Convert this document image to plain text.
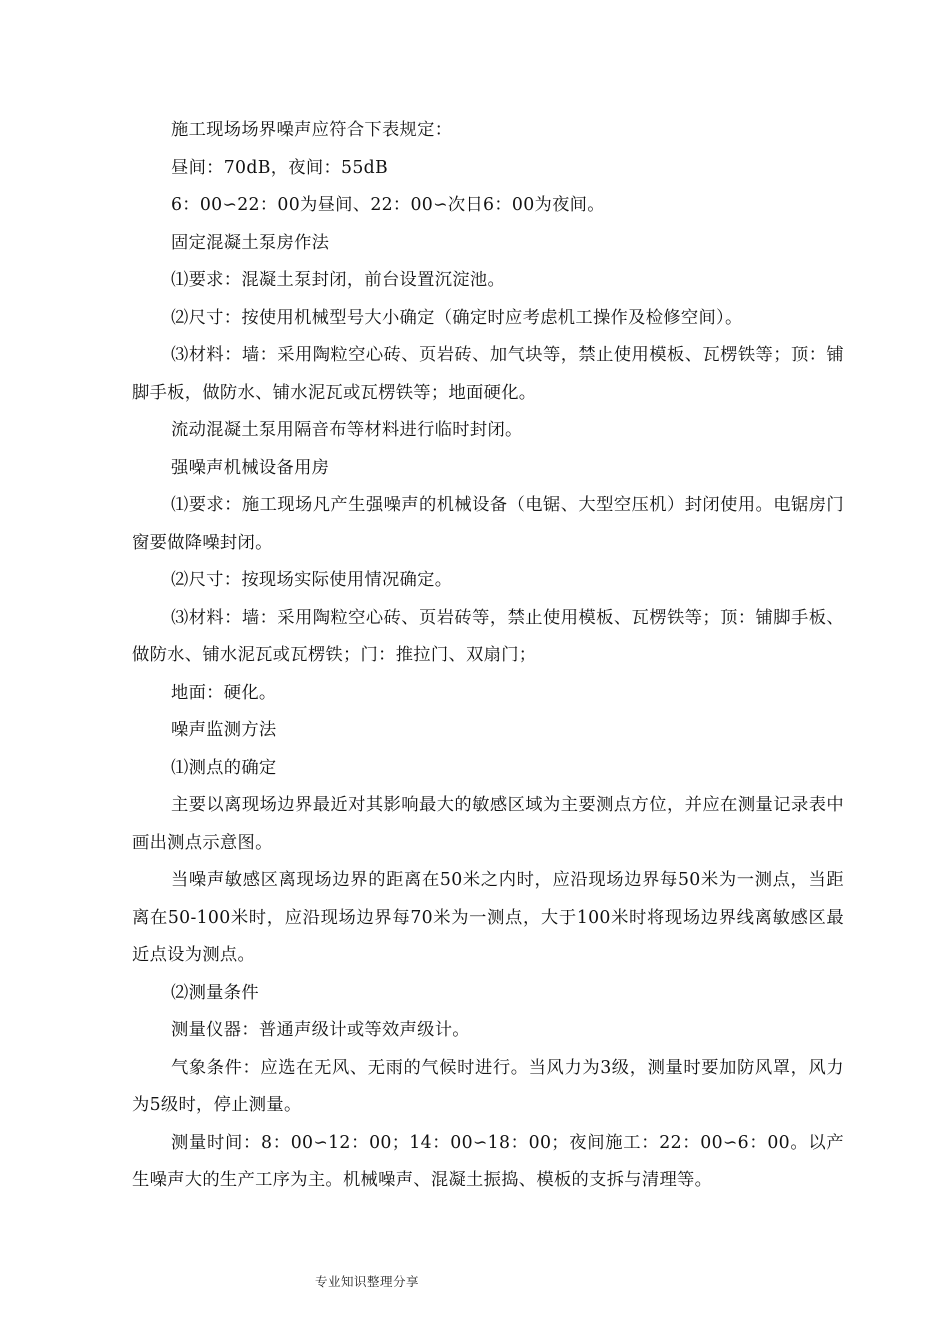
施工现场场界噪声应符合下表规定：

昼间：70dB，夜间：55dB

6：00∽22：00为昼间、22：00∽次日6：00为夜间。

固定混凝土泵房作法

⑴要求：混凝土泵封闭，前台设置沉淀池。

⑵尺寸：按使用机械型号大小确定（确定时应考虑机工操作及检修空间）。

⑶材料：墙：采用陶粒空心砖、页岩砖、加气块等，禁止使用模板、瓦楞铁等；顶：铺脚手板，做防水、铺水泥瓦或瓦楞铁等；地面硬化。

流动混凝土泵用隔音布等材料进行临时封闭。

强噪声机械设备用房

⑴要求：施工现场凡产生强噪声的机械设备（电锯、大型空压机）封闭使用。电锯房门窗要做降噪封闭。

⑵尺寸：按现场实际使用情况确定。

⑶材料：墙：采用陶粒空心砖、页岩砖等，禁止使用模板、瓦楞铁等；顶：铺脚手板、做防水、铺水泥瓦或瓦楞铁；门：推拉门、双扇门；

地面：硬化。

噪声监测方法

⑴测点的确定

主要以离现场边界最近对其影响最大的敏感区域为主要测点方位，并应在测量记录表中画出测点示意图。

当噪声敏感区离现场边界的距离在50米之内时，应沿现场边界每50米为一测点，当距离在50-100米时，应沿现场边界每70米为一测点，大于100米时将现场边界线离敏感区最近点设为测点。

⑵测量条件

测量仪器：普通声级计或等效声级计。

气象条件：应选在无风、无雨的气候时进行。当风力为3级，测量时要加防风罩，风力为5级时，停止测量。

测量时间：8：00∽12：00；14：00∽18：00；夜间施工：22：00∽6：00。以产生噪声大的生产工序为主。机械噪声、混凝土振捣、模板的支拆与清理等。

专业知识整理分享
